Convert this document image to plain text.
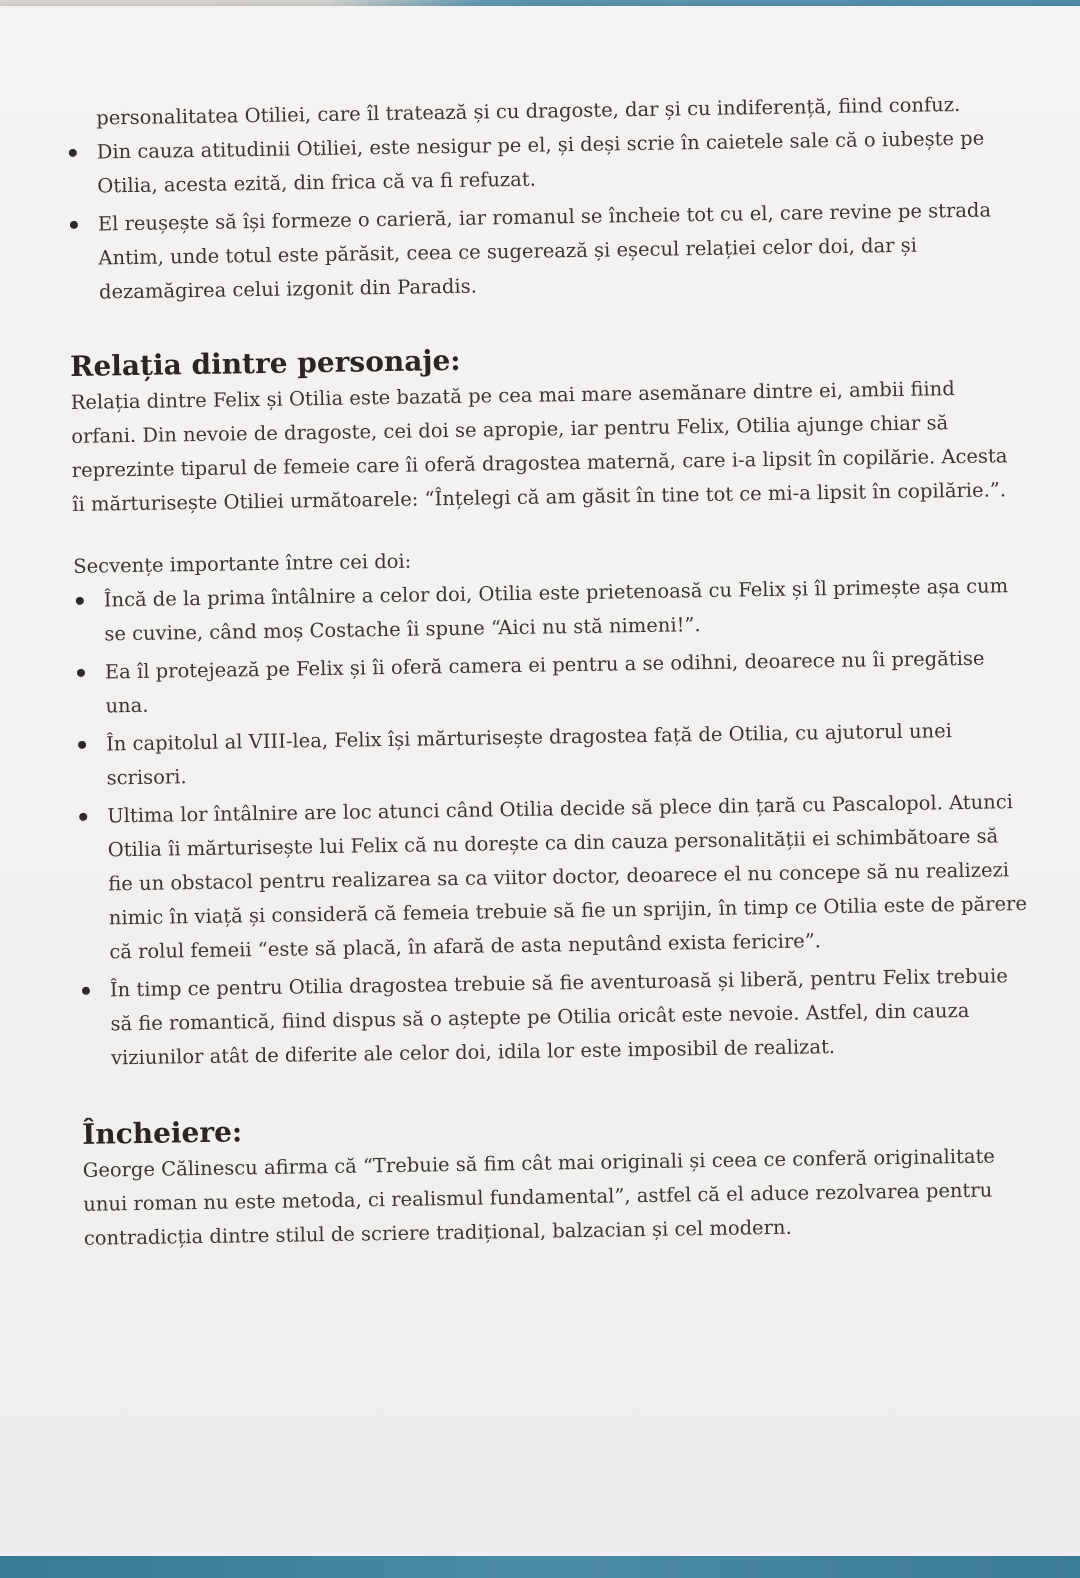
personalitatea Otiliei, care îl tratează și cu dragoste, dar și cu indiferență, fiind confuz.

Din cauza atitudinii Otiliei, este nesigur pe el, și deși scrie în caietele sale că o iubește pe Otilia, acesta ezită, din frica că va fi refuzat.
El reușește să își formeze o carieră, iar romanul se încheie tot cu el, care revine pe strada Antim, unde totul este părăsit, ceea ce sugerează și eșecul relației celor doi, dar și dezamăgirea celui izgonit din Paradis.
Relația dintre personaje:

Relația dintre Felix și Otilia este bazată pe cea mai mare asemănare dintre ei, ambii fiind orfani. Din nevoie de dragoste, cei doi se apropie, iar pentru Felix, Otilia ajunge chiar să reprezinte tiparul de femeie care îi oferă dragostea maternă, care i-a lipsit în copilărie. Acesta îi mărturisește Otiliei următoarele: “Înțelegi că am găsit în tine tot ce mi-a lipsit în copilărie.”.

Secvențe importante între cei doi:

Încă de la prima întâlnire a celor doi, Otilia este prietenoasă cu Felix și îl primește așa cum se cuvine, când moș Costache îi spune “Aici nu stă nimeni!”.
Ea îl protejează pe Felix și îi oferă camera ei pentru a se odihni, deoarece nu îi pregătise una.
În capitolul al VIII-lea, Felix își mărturisește dragostea față de Otilia, cu ajutorul unei scrisori.
Ultima lor întâlnire are loc atunci când Otilia decide să plece din țară cu Pascalopol. Atunci Otilia îi mărturisește lui Felix că nu dorește ca din cauza personalității ei schimbătoare să fie un obstacol pentru realizarea sa ca viitor doctor, deoarece el nu concepe să nu realizezi nimic în viață și consideră că femeia trebuie să fie un sprijin, în timp ce Otilia este de părere că rolul femeii “este să placă, în afară de asta neputând exista fericire”.
În timp ce pentru Otilia dragostea trebuie să fie aventuroasă și liberă, pentru Felix trebuie să fie romantică, fiind dispus să o aștepte pe Otilia oricât este nevoie. Astfel, din cauza viziunilor atât de diferite ale celor doi, idila lor este imposibil de realizat.
Încheiere:

George Călinescu afirma că “Trebuie să fim cât mai originali și ceea ce conferă originalitate unui roman nu este metoda, ci realismul fundamental”, astfel că el aduce rezolvarea pentru contradicția dintre stilul de scriere tradițional, balzacian și cel modern.
